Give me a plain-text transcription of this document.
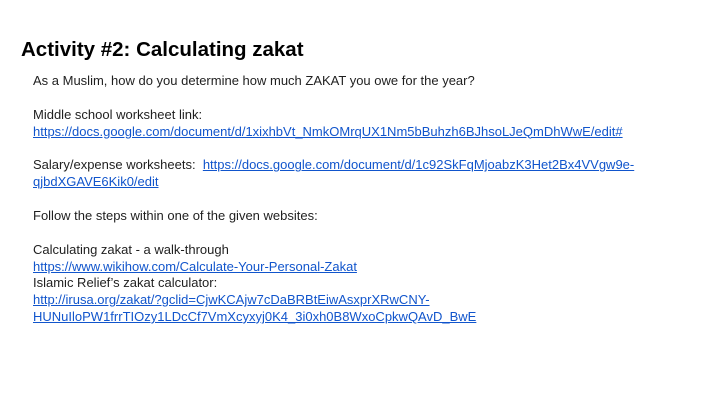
Activity #2: Calculating zakat

As a Muslim, how do you determine how much ZAKAT you owe for the year?

Middle school worksheet link:

https://docs.google.com/document/d/1xixhbVt_NmkOMrqUX1Nm5bBuhzh6BJhsoLJeQmDhWwE/edit#

Salary/expense worksheets: https://docs.google.com/document/d/1c92SkFqMjoabzK3Het2Bx4VVgw9e-
qjbdXGAVE6Kik0/edit

Follow the steps within one of the given websites:

Calculating zakat - a walk-through

https://www.wikihow.com/Calculate-Your-Personal-Zakat

Islamic Relief’s zakat calculator:

http://irusa.org/zakat/?gclid=CjwKCAjw7cDaBRBtEiwAsxprXRwCNY-
HUNuIloPW1frrTIOzy1LDcCf7VmXcyxyj0K4_3i0xh0B8WxoCpkwQAvD_BwE
